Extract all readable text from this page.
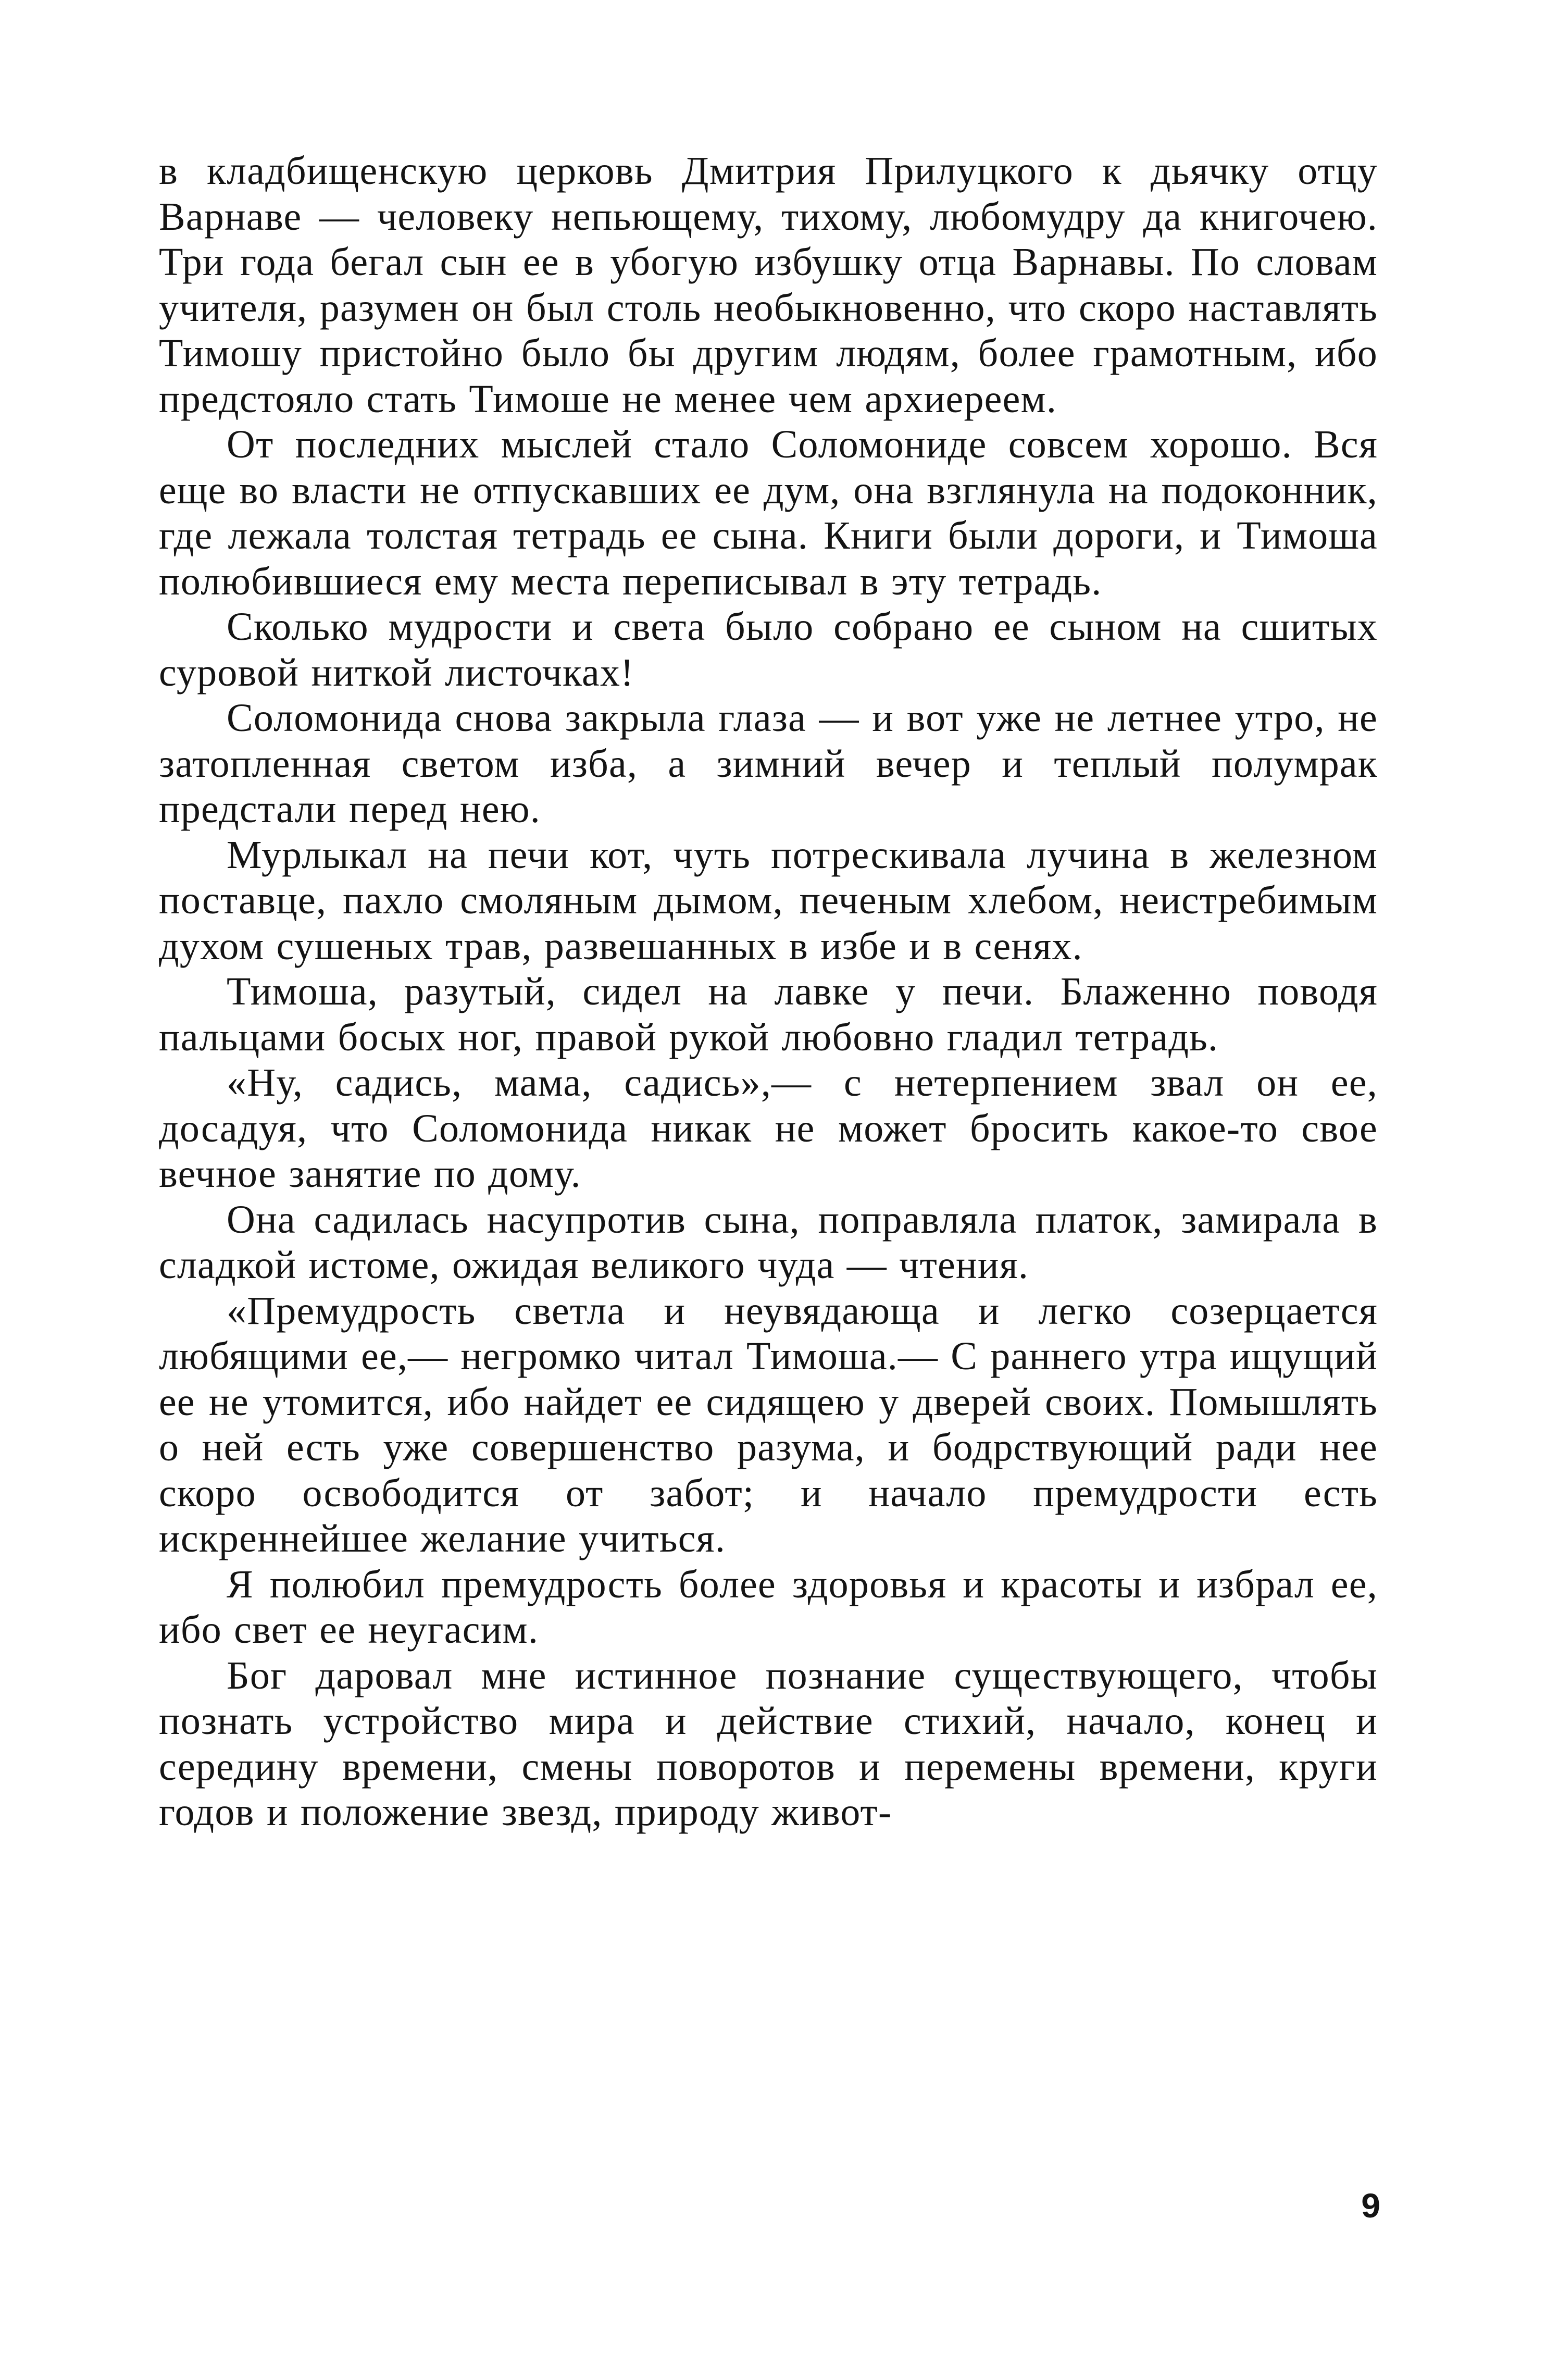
в кладбищенскую церковь Дмитрия Прилуцкого к дьячку отцу Варнаве — человеку непьющему, тихому, любомудру да книгочею. Три года бегал сын ее в убогую избушку отца Варнавы. По словам учителя, разумен он был столь необыкновенно, что скоро наставлять Тимошу пристойно было бы другим людям, более грамотным, ибо предстояло стать Тимоше не менее чем архиереем.

От последних мыслей стало Соломониде совсем хорошо. Вся еще во власти не отпускавших ее дум, она взглянула на подоконник, где лежала толстая тетрадь ее сына. Книги были дороги, и Тимоша полюбившиеся ему места переписывал в эту тетрадь.

Сколько мудрости и света было собрано ее сыном на сшитых суровой ниткой листочках!

Соломонида снова закрыла глаза — и вот уже не летнее утро, не затопленная светом изба, а зимний вечер и теплый полумрак предстали перед нею.

Мурлыкал на печи кот, чуть потрескивала лучина в железном поставце, пахло смоляным дымом, печеным хлебом, неистребимым духом сушеных трав, развешанных в избе и в сенях.

Тимоша, разутый, сидел на лавке у печи. Блаженно поводя пальцами босых ног, правой рукой любовно гладил тетрадь.

«Ну, садись, мама, садись»,— с нетерпением звал он ее, досадуя, что Соломонида никак не может бросить какое-то свое вечное занятие по дому.

Она садилась насупротив сына, поправляла платок, замирала в сладкой истоме, ожидая великого чуда — чтения.

«Премудрость светла и неувядающа и легко созерцается любящими ее,— негромко читал Тимоша.— С раннего утра ищущий ее не утомится, ибо найдет ее сидящею у дверей своих. Помышлять о ней есть уже совершенство разума, и бодрствующий ради нее скоро освободится от забот; и начало премудрости есть искреннейшее желание учиться.

Я полюбил премудрость более здоровья и красоты и избрал ее, ибо свет ее неугасим.

Бог даровал мне истинное познание существующего, чтобы познать устройство мира и действие стихий, начало, конец и середину времени, смены поворотов и перемены времени, круги годов и положение звезд, природу живот-

9
